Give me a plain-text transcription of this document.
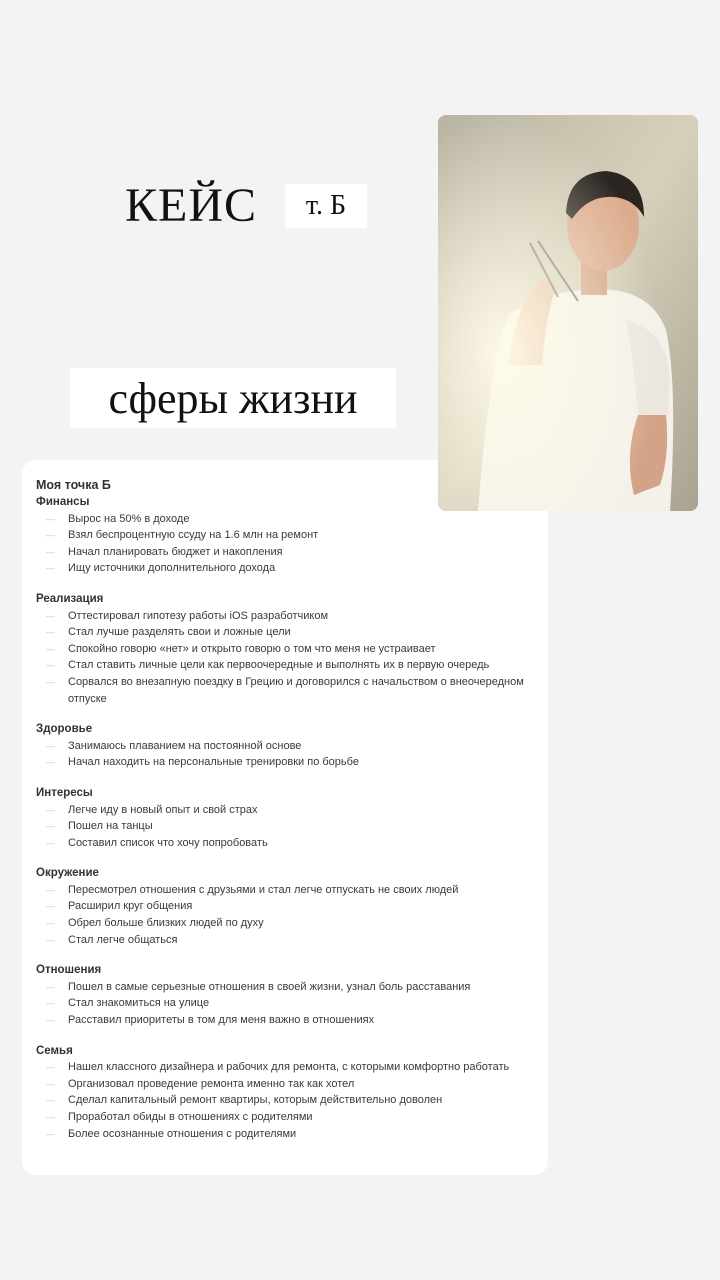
КЕЙС	т. Б
сферы жизни
Моя точка Б
Финансы
— Вырос на 50% в доходе
— Взял беспроцентную ссуду на 1.6 млн на ремонт
— Начал планировать бюджет и накопления
— Ищу источники дополнительного дохода
Реализация
— Оттестировал гипотезу работы iOS разработчиком
— Стал лучше разделять свои и ложные цели
— Спокойно говорю «нет» и открыто говорю о том что меня не устраивает
— Стал ставить личные цели как первоочередные и выполнять их в первую очередь
— Сорвался во внезапную поездку в Грецию и договорился с начальством о внеочередном отпуске
Здоровье
— Занимаюсь плаванием на постоянной основе
— Начал находить на персональные тренировки по борьбе
Интересы
— Легче иду в новый опыт и свой страх
— Пошел на танцы
— Составил список что хочу попробовать
Окружение
— Пересмотрел отношения с друзьями и стал легче отпускать не своих людей
— Расширил круг общения
— Обрел больше близких людей по духу
— Стал легче общаться
Отношения
— Пошел в самые серьезные отношения в своей жизни, узнал боль расставания
— Стал знакомиться на улице
— Расставил приоритеты в том для меня важно в отношениях
Семья
— Нашел классного дизайнера и рабочих для ремонта, с которыми комфортно работать
— Организовал проведение ремонта именно так как хотел
— Сделал капитальный ремонт квартиры, которым действительно доволен
— Проработал обиды в отношениях с родителями
— Более осознанные отношения с родителями
